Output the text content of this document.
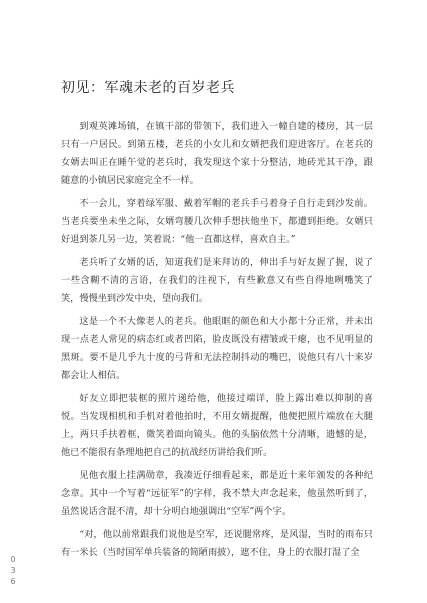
初见：军魂未老的百岁老兵

到观英滩场镇，在镇干部的带领下，我们进入一幢自建的楼房，其一层只有一户居民。到第五楼，老兵的小女儿和女婿把我们迎进客厅。在老兵的女婿去叫正在睡午觉的老兵时，我发现这个家十分整洁，地砖光其干净，跟随意的小镇居民家庭完全不一样。

不一会儿，穿着绿军服、戴着军帽的老兵手弓着身子自行走到沙发前。当老兵要坐未坐之际，女婿弯腰几次伸手想扶他坐下，都遭到拒绝。女婿只好退到茶几另一边，笑着说：“他一直都这样，喜欢自主。”

老兵听了女婿的话，知道我们是来拜访的，伸出手与好友握了握，说了一些含糊不清的言语，在我们的注视下，有些歉意又有些自得地咧嘴笑了笑，慢慢坐到沙发中央，望向我们。

这是一个不大像老人的老兵。他眼眶的颜色和大小都十分正常，并未出现一点老人常见的病态红或者凹陷，脸皮既没有褶皱或干瘪，也不见明显的黑斑。要不是几乎九十度的弓背和无法控制抖动的嘴巴，说他只有八十来岁都会让人相信。

好友立即把装框的照片递给他，他接过端详，脸上露出难以抑制的喜悦。当发现相机和手机对着他拍时，不用女婿提醒，他便把照片端放在大腿上，两只手扶着框，微笑着面向镜头。他的头脑依然十分清晰，遗憾的是，他已不能很有条理地把自己的抗战经历讲给我们听。

见他衣服上挂满勋章，我凑近仔细看起来，都是近十来年颁发的各种纪念章。其中一个写着“远征军”的字样，我不禁大声念起来，他虽然听到了，虽然说话含混不清，却十分明白地强调出“空军”两个字。

“对，他以前常跟我们说他是空军，还说腿常疼，是风湿，当时的雨布只有一米长（当时国军单兵装备的简陋雨披），遮不住，身上的衣服打湿了全

036
